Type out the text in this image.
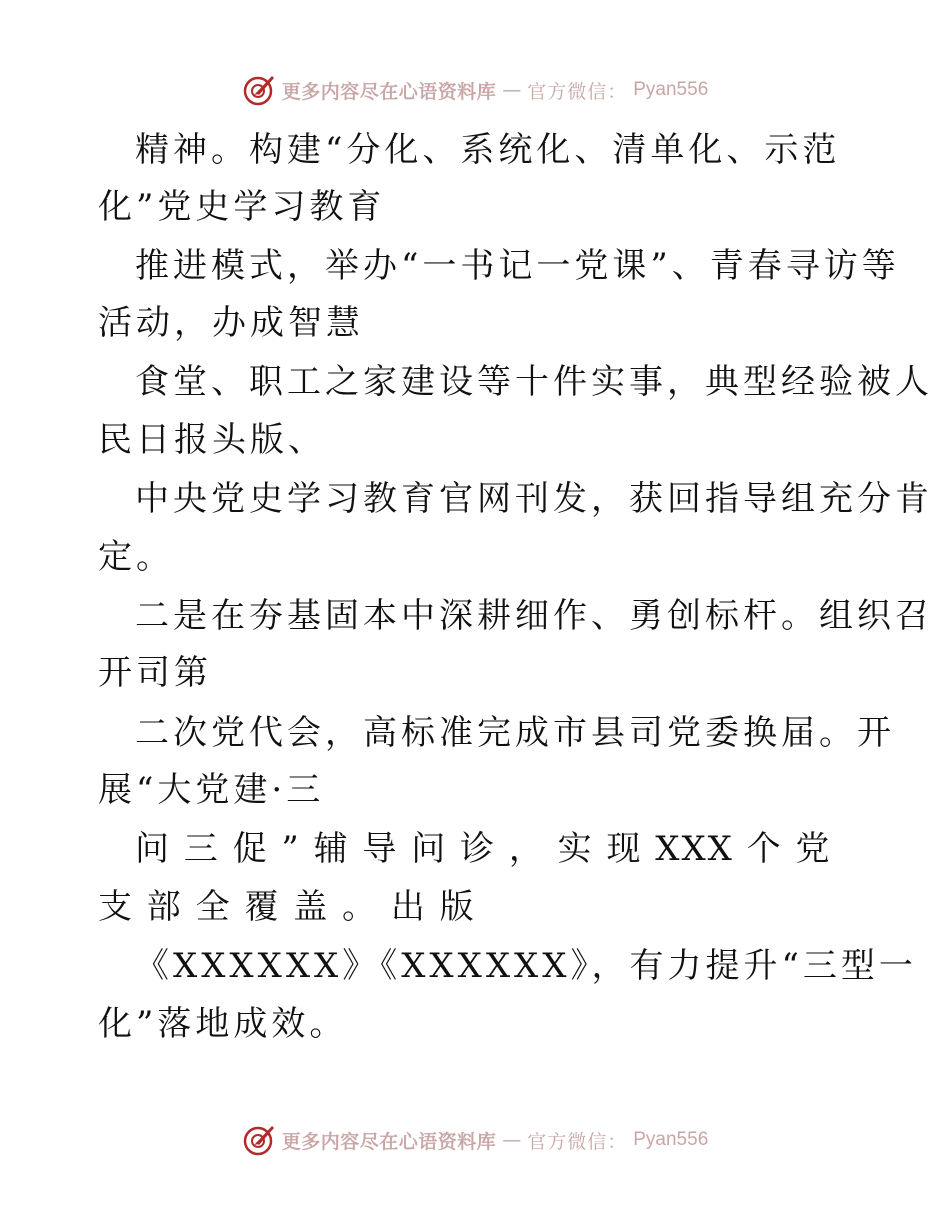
更多内容尽在心语资料库 — 官方微信： Pyan556
精神。构建“分化、系统化、清单化、示范
化”党史学习教育
推进模式，举办“一书记一党课”、青春寻访等
活动，办成智慧
食堂、职工之家建设等十件实事，典型经验被人
民日报头版、
中央党史学习教育官网刊发，获回指导组充分肯
定。
二是在夯基固本中深耕细作、勇创标杆。组织召
开司第
二次党代会，高标准完成市县司党委换届。开
展“大党建·三
问 三 促 ” 辅 导 问 诊 ， 实 现 XXX 个 党
支 部 全 覆 盖 。 出 版
《XXXXXX》《XXXXXX》，有力提升“三型一
化”落地成效。
更多内容尽在心语资料库 — 官方微信： Pyan556
